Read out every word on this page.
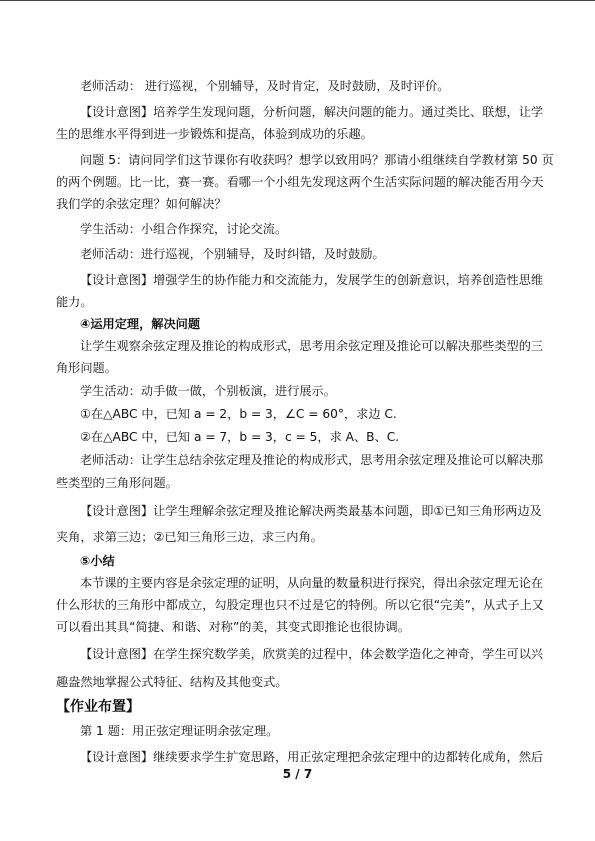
老师活动： 进行巡视，个别辅导，及时肯定，及时鼓励，及时评价。

【设计意图】培养学生发现问题，分析问题，解决问题的能力。通过类比、联想，让学

生的思维水平得到进一步锻炼和提高，体验到成功的乐趣。

问题 5：请问同学们这节课你有收获吗？想学以致用吗？那请小组继续自学教材第 50 页

的两个例题。比一比，赛一赛。看哪一个小组先发现这两个生活实际问题的解决能否用今天

我们学的余弦定理？如何解决？

学生活动：小组合作探究，讨论交流。

老师活动：进行巡视，个别辅导，及时纠错，及时鼓励。

【设计意图】增强学生的协作能力和交流能力，发展学生的创新意识，培养创造性思维

能力。

④运用定理，解决问题

让学生观察余弦定理及推论的构成形式，思考用余弦定理及推论可以解决那些类型的三

角形问题。

学生活动：动手做一做，个别板演，进行展示。

①在△ABC 中，已知 a = 2，b = 3，∠C = 60°，求边 C.

②在△ABC 中，已知 a = 7，b = 3，c = 5，求 A、B、C.

老师活动：让学生总结余弦定理及推论的构成形式，思考用余弦定理及推论可以解决那

些类型的三角形问题。

【设计意图】让学生理解余弦定理及推论解决两类最基本问题，即①已知三角形两边及

夹角，求第三边；②已知三角形三边，求三内角。

⑤小结

本节课的主要内容是余弦定理的证明，从向量的数量积进行探究，得出余弦定理无论在

什么形状的三角形中都成立，勾股定理也只不过是它的特例。所以它很“完美”，从式子上又

可以看出其具“简捷、和谐、对称”的美，其变式即推论也很协调。

【设计意图】在学生探究数学美，欣赏美的过程中，体会数学造化之神奇，学生可以兴

趣盎然地掌握公式特征、结构及其他变式。

【作业布置】

第 1 题：用正弦定理证明余弦定理。

【设计意图】继续要求学生扩宽思路，用正弦定理把余弦定理中的边都转化成角，然后

5 / 7
